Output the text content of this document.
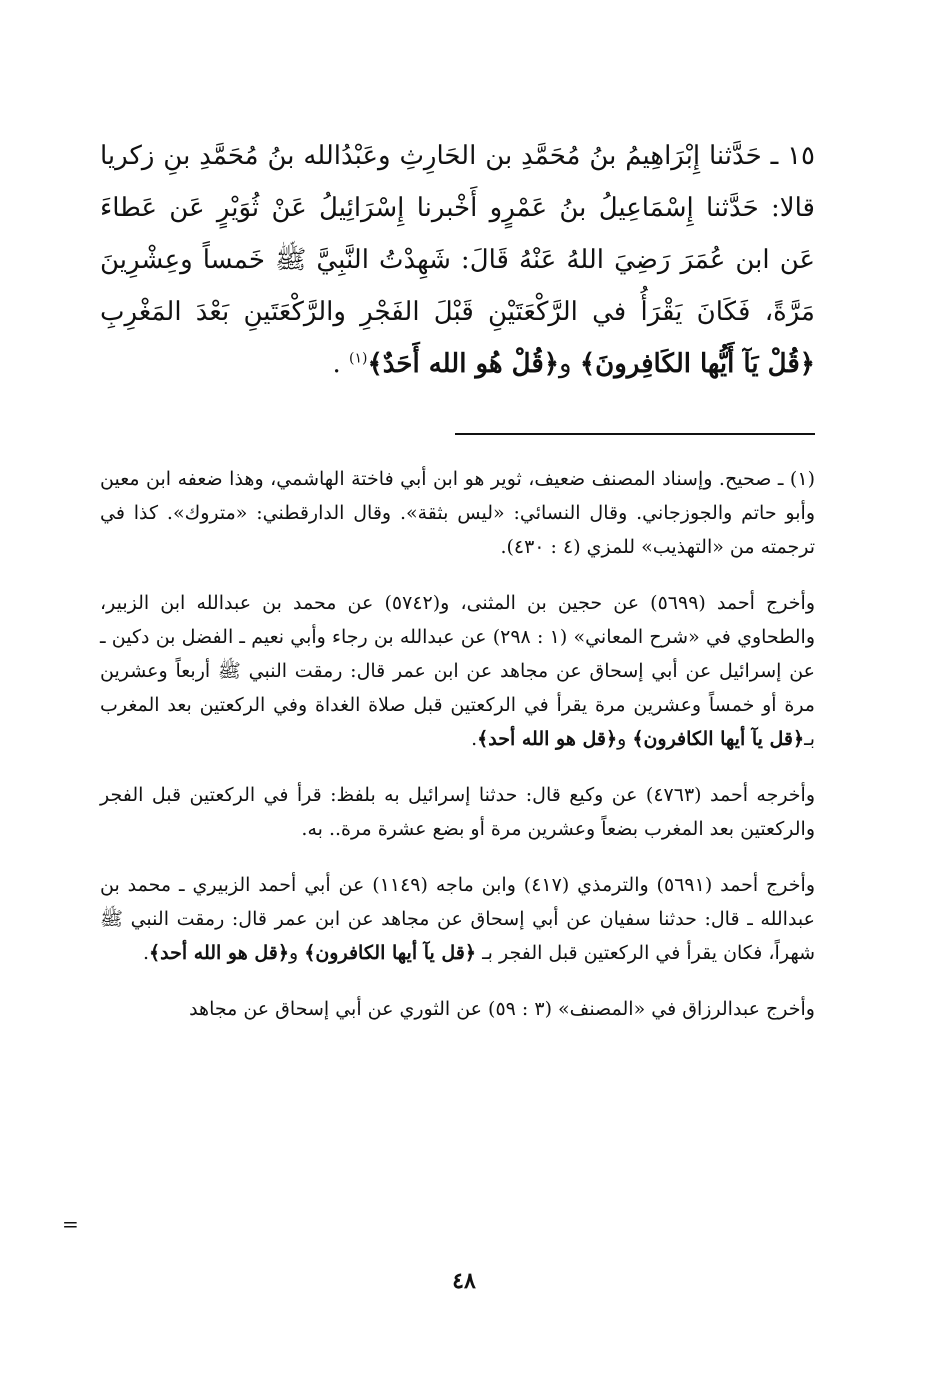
١٥ ـ حَدَّثنا إِبْرَاهِيمُ بنُ مُحَمَّدِ بن الحَارِثِ وعَبْدُالله بنُ مُحَمَّدِ بنِ زكريا قالا: حَدَّثنا إِسْمَاعِيلُ بنُ عَمْرٍو أَخْبرنا إِسْرَائِيلُ عَنْ ثُوَيْرٍ عَن عَطاءَ عَن ابن عُمَرَ رَضِيَ اللهُ عَنْهُ قَالَ: شَهِدْتُ النَّبِيَّ ﷺ خَمساً وعِشْرِينَ مَرَّةً، فَكَانَ يَقْرَأُ في الرَّكْعَتَيْنِ قَبْلَ الفَجْرِ والرَّكْعَتَينِ بَعْدَ المَغْرِبِ ﴿قُلْ يَآ أَيُّها الكَافِرونَ﴾ و﴿قُلْ هُو الله أَحَدٌ﴾$^{(١)}$ .

(١) ـ صحيح. وإسناد المصنف ضعيف، ثوير هو ابن أبي فاختة الهاشمي، وهذا ضعفه ابن معين وأبو حاتم والجوزجاني. وقال النسائي: «ليس بثقة». وقال الدارقطني: «متروك». كذا في ترجمته من «التهذيب» للمزي (٤ : ٤٣٠).

وأخرج أحمد (٥٦٩٩) عن حجين بن المثنى، و(٥٧٤٢) عن محمد بن عبدالله ابن الزبير، والطحاوي في «شرح المعاني» (١ : ٢٩٨) عن عبدالله بن رجاء وأبي نعيم ـ الفضل بن دكين ـ عن إسرائيل عن أبي إسحاق عن مجاهد عن ابن عمر قال: رمقت النبي ﷺ أربعاً وعشرين مرة أو خمساً وعشرين مرة يقرأ في الركعتين قبل صلاة الغداة وفي الركعتين بعد المغرب بـ﴿قل يآ أيها الكافرون﴾ و﴿قل هو الله أحد﴾.

وأخرجه أحمد (٤٧٦٣) عن وكيع قال: حدثنا إسرائيل به بلفظ: قرأ في الركعتين قبل الفجر والركعتين بعد المغرب بضعاً وعشرين مرة أو بضع عشرة مرة.. به.

وأخرج أحمد (٥٦٩١) والترمذي (٤١٧) وابن ماجه (١١٤٩) عن أبي أحمد الزبيري ـ محمد بن عبدالله ـ قال: حدثنا سفيان عن أبي إسحاق عن مجاهد عن ابن عمر قال: رمقت النبي ﷺ شهراً، فكان يقرأ في الركعتين قبل الفجر بـ ﴿قل يآ أيها الكافرون﴾ و﴿قل هو الله أحد﴾.

وأخرج عبدالرزاق في «المصنف» (٣ : ٥٩) عن الثوري عن أبي إسحاق عن مجاهد

=
٤٨
